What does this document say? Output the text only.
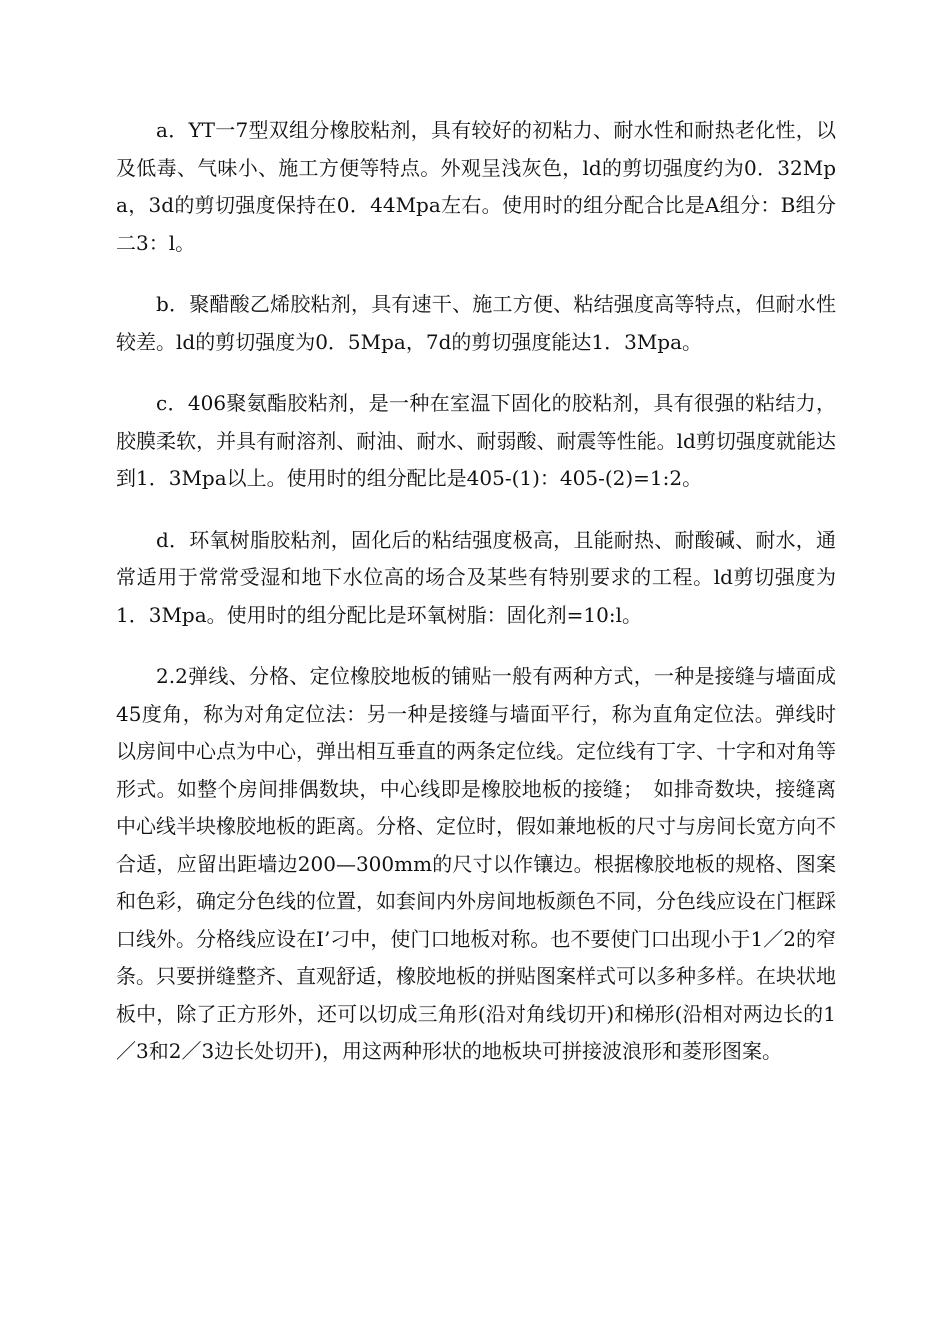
a．YT一7型双组分橡胶粘剂，具有较好的初粘力、耐水性和耐热老化性，以及低毒、气味小、施工方便等特点。外观呈浅灰色，ld的剪切强度约为0．32Mpa，3d的剪切强度保持在0．44Mpa左右。使用时的组分配合比是A组分：B组分二3：l。

b．聚醋酸乙烯胶粘剂，具有速干、施工方便、粘结强度高等特点，但耐水性较差。ld的剪切强度为0．5Mpa，7d的剪切强度能达1．3Mpa。

c．406聚氨酯胶粘剂，是一种在室温下固化的胶粘剂，具有很强的粘结力，胶膜柔软，并具有耐溶剂、耐油、耐水、耐弱酸、耐震等性能。ld剪切强度就能达到1．3Mpa以上。使用时的组分配比是405-(1)：405-(2)=1:2。

d．环氧树脂胶粘剂，固化后的粘结强度极高，且能耐热、耐酸碱、耐水，通常适用于常常受湿和地下水位高的场合及某些有特别要求的工程。ld剪切强度为1．3Mpa。使用时的组分配比是环氧树脂：固化剂=10:l。

2.2弹线、分格、定位橡胶地板的铺贴一般有两种方式，一种是接缝与墙面成45度角，称为对角定位法：另一种是接缝与墙面平行，称为直角定位法。弹线时以房间中心点为中心，弹出相互垂直的两条定位线。定位线有丁字、十字和对角等形式。如整个房间排偶数块，中心线即是橡胶地板的接缝；　如排奇数块，接缝离中心线半块橡胶地板的距离。分格、定位时，假如兼地板的尺寸与房间长宽方向不合适，应留出距墙边200—300mm的尺寸以作镶边。根据橡胶地板的规格、图案和色彩，确定分色线的位置，如套间内外房间地板颜色不同，分色线应设在门框踩口线外。分格线应设在I’刁中，使门口地板对称。也不要使门口出现小于1／2的窄条。只要拼缝整齐、直观舒适，橡胶地板的拼贴图案样式可以多种多样。在块状地板中，除了正方形外，还可以切成三角形(沿对角线切开)和梯形(沿相对两边长的1／3和2／3边长处切开)，用这两种形状的地板块可拼接波浪形和菱形图案。
